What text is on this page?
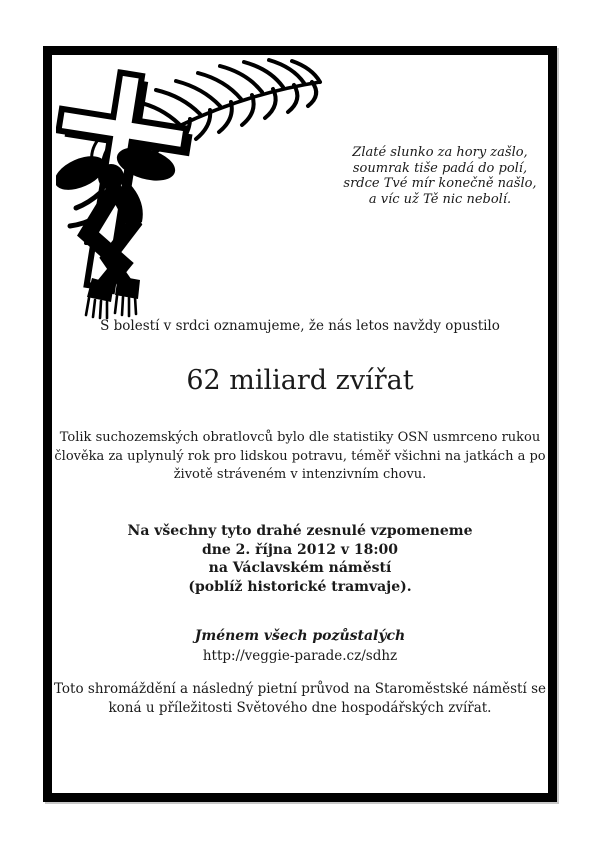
Zlaté slunko za hory zašlo,
soumrak tiše padá do polí,
srdce Tvé mír konečně našlo,
a víc už Tě nic nebolí.
S bolestí v srdci oznamujeme, že nás letos navždy opustilo
62 miliard zvířat
Tolik suchozemských obratlovců bylo dle statistiky OSN usmrceno rukou
člověka za uplynulý rok pro lidskou potravu, téměř všichni na jatkách a po
životě stráveném v intenzivním chovu.
Na všechny tyto drahé zesnulé vzpomeneme
dne 2. října 2012 v 18:00
na Václavském náměstí
(poblíž historické tramvaje).
Jménem všech pozůstalých
http://veggie-parade.cz/sdhz
Toto shromáždění a následný pietní průvod na Staroměstské náměstí se
koná u příležitosti Světového dne hospodářských zvířat.
